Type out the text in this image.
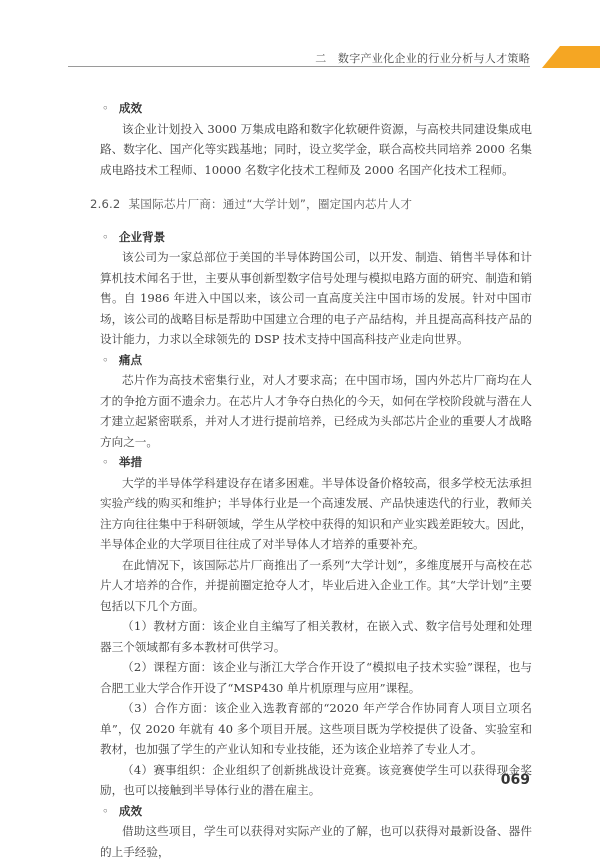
二　数字产业化企业的行业分析与人才策略
◦ 成效

该企业计划投入 3000 万集成电路和数字化软硬件资源，与高校共同建设集成电路、数字化、国产化等实践基地；同时，设立奖学金，联合高校共同培养 2000 名集成电路技术工程师、10000 名数字化技术工程师及 2000 名国产化技术工程师。

2.6.2 某国际芯片厂商：通过“大学计划”，圈定国内芯片人才
◦ 企业背景

该公司为一家总部位于美国的半导体跨国公司，以开发、制造、销售半导体和计算机技术闻名于世，主要从事创新型数字信号处理与模拟电路方面的研究、制造和销售。自 1986 年进入中国以来，该公司一直高度关注中国市场的发展。针对中国市场，该公司的战略目标是帮助中国建立合理的电子产品结构，并且提高高科技产品的设计能力，力求以全球领先的 DSP 技术支持中国高科技产业走向世界。

◦ 痛点

芯片作为高技术密集行业，对人才要求高；在中国市场，国内外芯片厂商均在人才的争抢方面不遗余力。在芯片人才争夺白热化的今天，如何在学校阶段就与潜在人才建立起紧密联系，并对人才进行提前培养，已经成为头部芯片企业的重要人才战略方向之一。

◦ 举措

大学的半导体学科建设存在诸多困难。半导体设备价格较高，很多学校无法承担实验产线的购买和维护；半导体行业是一个高速发展、产品快速迭代的行业，教师关注方向往往集中于科研领域，学生从学校中获得的知识和产业实践差距较大。因此，半导体企业的大学项目往往成了对半导体人才培养的重要补充。

在此情况下，该国际芯片厂商推出了一系列“大学计划”，多维度展开与高校在芯片人才培养的合作，并提前圈定抢夺人才，毕业后进入企业工作。其“大学计划”主要包括以下几个方面。

（1）教材方面：该企业自主编写了相关教材，在嵌入式、数字信号处理和处理器三个领域都有多本教材可供学习。

（2）课程方面：该企业与浙江大学合作开设了“模拟电子技术实验”课程，也与合肥工业大学合作开设了“MSP430 单片机原理与应用”课程。

（3）合作方面：该企业入选教育部的“2020 年产学合作协同育人项目立项名单”，仅 2020 年就有 40 多个项目开展。这些项目既为学校提供了设备、实验室和教材，也加强了学生的产业认知和专业技能，还为该企业培养了专业人才。

（4）赛事组织：企业组织了创新挑战设计竞赛。该竞赛使学生可以获得现金奖励，也可以接触到半导体行业的潜在雇主。

◦ 成效

借助这些项目，学生可以获得对实际产业的了解，也可以获得对最新设备、器件的上手经验，

069
